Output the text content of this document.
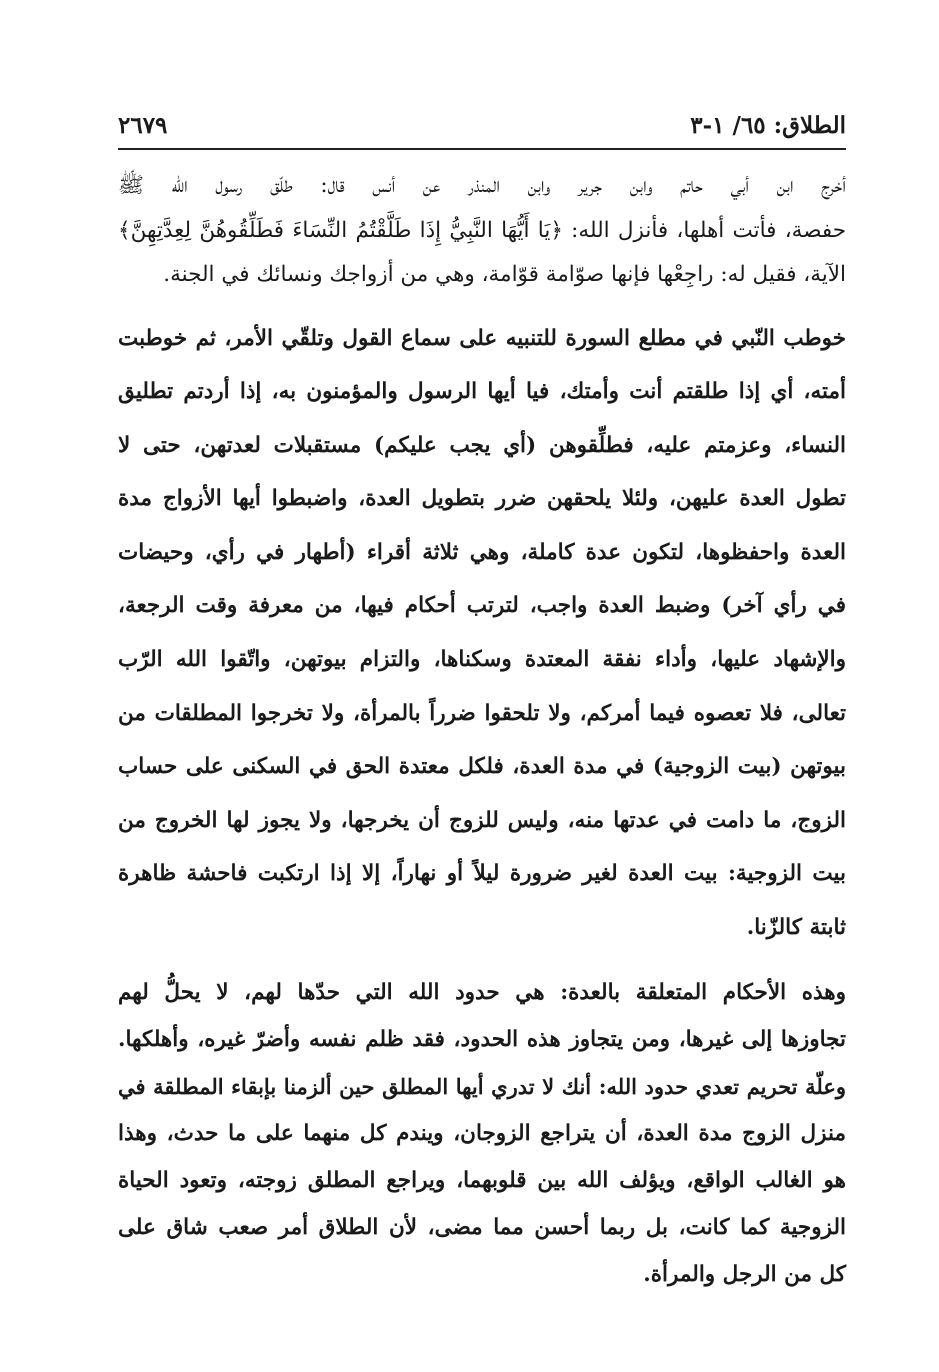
الطلاق: ٦٥/ ١-٣
٢٦٧٩
أخرج ابن أبي حاتم وابن جرير وابن المنذر عن أنس قال: طلّق رسول الله ﷺ
حفصة، فأتت أهلها، فأنزل الله: ﴿يَا أَيُّهَا النَّبِيُّ إِذَا طَلَّقْتُمُ النِّسَاءَ فَطَلِّقُوهُنَّ لِعِدَّتِهِنَّ﴾
الآية، فقيل له: راجِعْها فإنها صوّامة قوّامة، وهي من أزواجك ونسائك في الجنة.
خوطب النّبي في مطلع السورة للتنبيه على سماع القول وتلقّي الأمر، ثم خوطبت
أمته، أي إذا طلقتم أنت وأمتك، فيا أيها الرسول والمؤمنون به، إذا أردتم تطليق
النساء، وعزمتم عليه، فطلِّقوهن (أي يجب عليكم) مستقبلات لعدتهن، حتى لا
تطول العدة عليهن، ولئلا يلحقهن ضرر بتطويل العدة، واضبطوا أيها الأزواج مدة
العدة واحفظوها، لتكون عدة كاملة، وهي ثلاثة أقراء (أطهار في رأي، وحيضات
في رأي آخر) وضبط العدة واجب، لترتب أحكام فيها، من معرفة وقت الرجعة،
والإشهاد عليها، وأداء نفقة المعتدة وسكناها، والتزام بيوتهن، واتّقوا الله الرّب
تعالى، فلا تعصوه فيما أمركم، ولا تلحقوا ضرراً بالمرأة، ولا تخرجوا المطلقات من
بيوتهن (بيت الزوجية) في مدة العدة، فلكل معتدة الحق في السكنى على حساب
الزوج، ما دامت في عدتها منه، وليس للزوج أن يخرجها، ولا يجوز لها الخروج من
بيت الزوجية: بيت العدة لغير ضرورة ليلاً أو نهاراً، إلا إذا ارتكبت فاحشة ظاهرة
ثابتة كالزّنا.
وهذه الأحكام المتعلقة بالعدة: هي حدود الله التي حدّها لهم، لا يحلُّ لهم
تجاوزها إلى غيرها، ومن يتجاوز هذه الحدود، فقد ظلم نفسه وأضرّ غيره، وأهلكها.
وعلّة تحريم تعدي حدود الله: أنك لا تدري أيها المطلق حين ألزمنا بإبقاء المطلقة في
منزل الزوج مدة العدة، أن يتراجع الزوجان، ويندم كل منهما على ما حدث، وهذا
هو الغالب الواقع، ويؤلف الله بين قلوبهما، ويراجع المطلق زوجته، وتعود الحياة
الزوجية كما كانت، بل ربما أحسن مما مضى، لأن الطلاق أمر صعب شاق على
كل من الرجل والمرأة.
